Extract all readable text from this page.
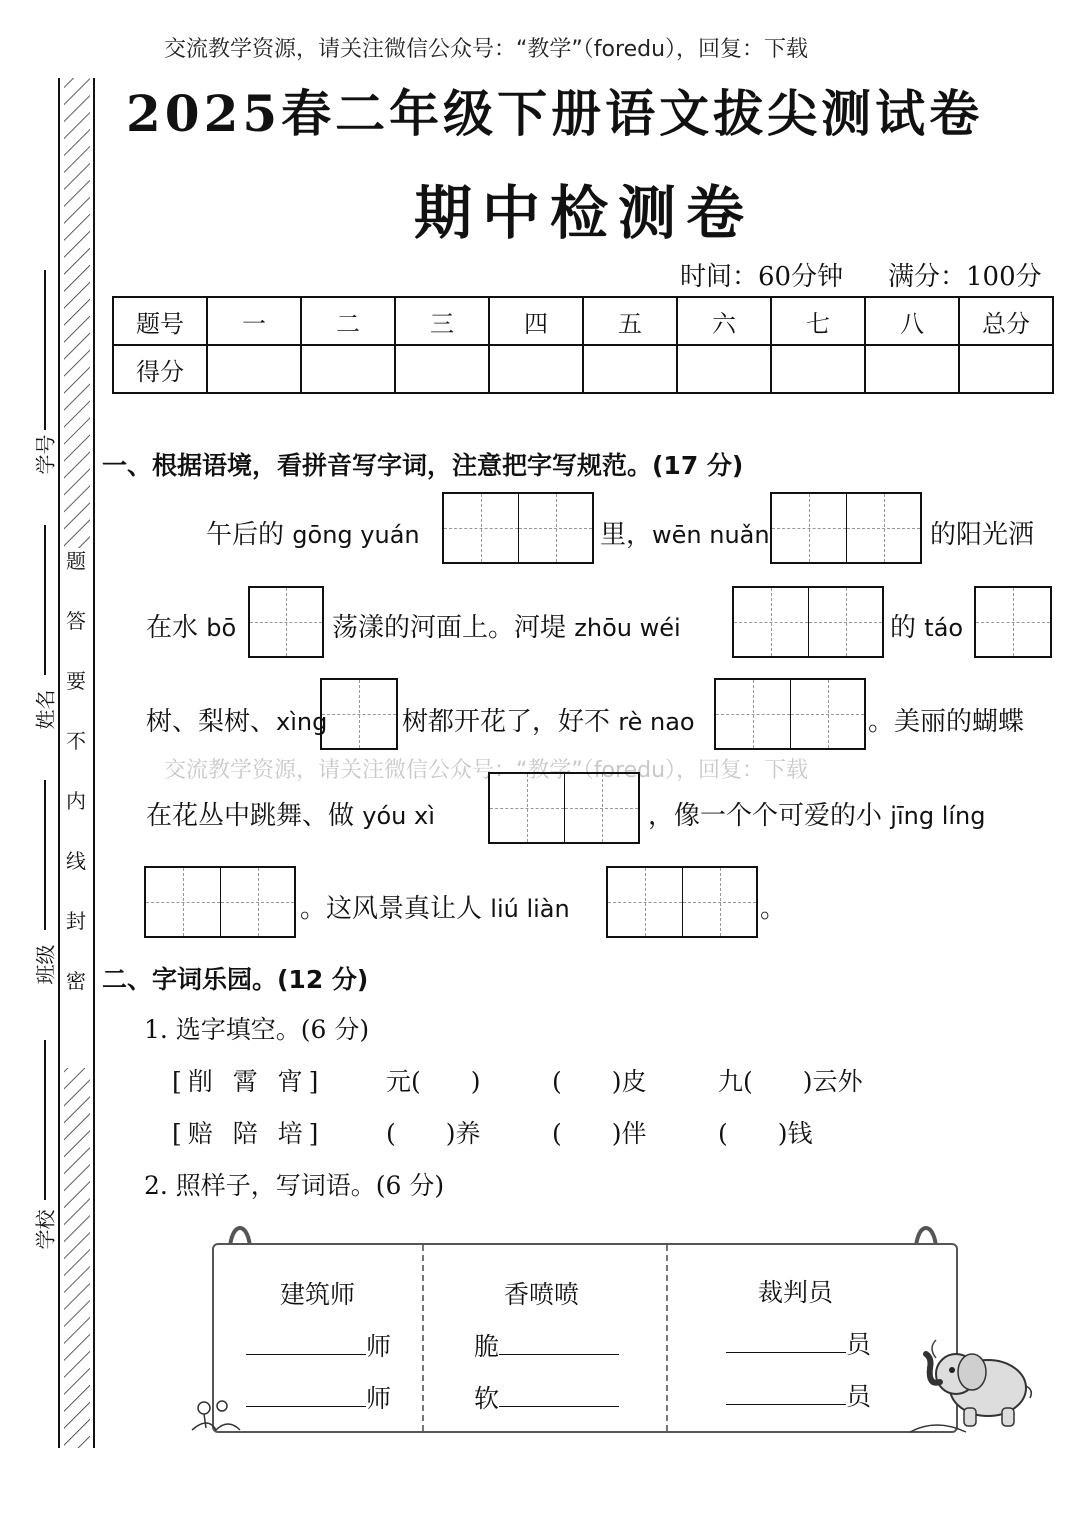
交流教学资源，请关注微信公众号：“教学”（foredu），回复：下载
交流教学资源，请关注微信公众号：“教学”（foredu），回复：下载
题
答
要
不
内
线
封
密
学号
姓名
班级
学校
2025春二年级下册语文拔尖测试卷
期中检测卷
时间：60分钟 满分：100分
题号	一	二	三	四	五	六	七	八	总分
得分									
一、根据语境，看拼音写字词，注意把字写规范。(17 分)
午后的 gōng yuán	里，wēn nuǎn	的阳光洒
在水 bō	荡漾的河面上。河堤 zhōu wéi	的 táo
树、梨树、xìng	树都开花了，好不 rè nao	。美丽的蝴蝶
在花丛中跳舞、做 yóu xì	，像一个个可爱的小 jīng líng
。这风景真让人 liú liàn	。
二、字词乐园。(12 分)
1. 选字填空。(6 分)
[削 霄 宵] 元(　　)	(　　)皮	九(　　)云外
[赔 陪 培] (　　)养	(　　)伴	(　　)钱
2. 照样子，写词语。(6 分)
建筑师
师
师
香喷喷
脆
软
裁判员
员
员
